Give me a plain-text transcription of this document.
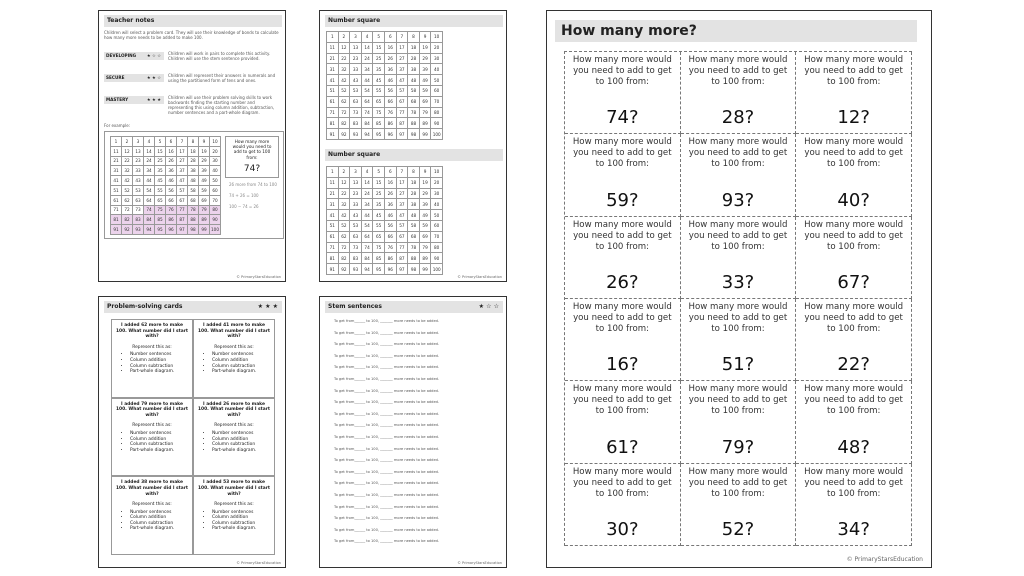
Teacher notes
Children will select a problem card. They will use their knowledge of bonds to calculate how many more needs to be added to make 100.
DEVELOPING	★ ☆ ☆ Children will work in pairs to complete this activity. Children will use the stem sentence provided.
SECURE	★ ★ ☆ Children will represent their answers in numerals and using the partitioned form of tens and ones.
MASTERY	★ ★ ★ Children will use their problem solving skills to work backwards finding the starting number and representing this using column addition, subtraction, number sentences and a part-whole diagram.
For example:
1	2	3	4	5	6	7	8	9	10
11	12	13	14	15	16	17	18	19	20
21	22	23	24	25	26	27	28	29	30
31	32	33	34	35	36	37	38	39	40
41	42	43	44	45	46	47	48	49	50
51	52	53	54	55	56	57	58	59	60
61	62	63	64	65	66	67	68	69	70
71	72	73	74	75	76	77	78	79	80
81	82	83	84	85	86	87	88	89	90
91	92	93	94	95	96	97	98	99	100
How many more would you need to add to get to 100 from:
74?
26 more from 74 to 100
74 + 26 = 100
100 − 74 = 26
© PrimaryStarsEducation
Number square
1	2	3	4	5	6	7	8	9	10
11	12	13	14	15	16	17	18	19	20
21	22	23	24	25	26	27	28	29	30
31	32	33	34	35	36	37	38	39	40
41	42	43	44	45	46	47	48	49	50
51	52	53	54	55	56	57	58	59	60
61	62	63	64	65	66	67	68	69	70
71	72	73	74	75	76	77	78	79	80
81	82	83	84	85	86	87	88	89	90
91	92	93	94	95	96	97	98	99	100
Number square
1	2	3	4	5	6	7	8	9	10
11	12	13	14	15	16	17	18	19	20
21	22	23	24	25	26	27	28	29	30
31	32	33	34	35	36	37	38	39	40
41	42	43	44	45	46	47	48	49	50
51	52	53	54	55	56	57	58	59	60
61	62	63	64	65	66	67	68	69	70
71	72	73	74	75	76	77	78	79	80
81	82	83	84	85	86	87	88	89	90
91	92	93	94	95	96	97	98	99	100
© PrimaryStarsEducation
Problem-solving cards	★ ★ ★
I added 62 more to make 100. What number did I start with?
Represent this as:
• Number sentences
• Column addition
• Column subtraction
• Part-whole diagram.
I added 41 more to make 100. What number did I start with?
Represent this as:
• Number sentences
• Column addition
• Column subtraction
• Part-whole diagram.
I added 79 more to make 100. What number did I start with?
Represent this as:
• Number sentences
• Column addition
• Column subtraction
• Part-whole diagram.
I added 26 more to make 100. What number did I start with?
Represent this as:
• Number sentences
• Column addition
• Column subtraction
• Part-whole diagram.
I added 38 more to make 100. What number did I start with?
Represent this as:
• Number sentences
• Column addition
• Column subtraction
• Part-whole diagram.
I added 53 more to make 100. What number did I start with?
Represent this as:
• Number sentences
• Column addition
• Column subtraction
• Part-whole diagram.
© PrimaryStarsEducation
Stem sentences	★ ☆ ☆
To get from______ to 100, _______ more needs to be added.
To get from______ to 100, _______ more needs to be added.
To get from______ to 100, _______ more needs to be added.
To get from______ to 100, _______ more needs to be added.
To get from______ to 100, _______ more needs to be added.
To get from______ to 100, _______ more needs to be added.
To get from______ to 100, _______ more needs to be added.
To get from______ to 100, _______ more needs to be added.
To get from______ to 100, _______ more needs to be added.
To get from______ to 100, _______ more needs to be added.
To get from______ to 100, _______ more needs to be added.
To get from______ to 100, _______ more needs to be added.
To get from______ to 100, _______ more needs to be added.
To get from______ to 100, _______ more needs to be added.
To get from______ to 100, _______ more needs to be added.
To get from______ to 100, _______ more needs to be added.
To get from______ to 100, _______ more needs to be added.
To get from______ to 100, _______ more needs to be added.
To get from______ to 100, _______ more needs to be added.
To get from______ to 100, _______ more needs to be added.
© PrimaryStarsEducation
How many more?
How many more would you need to add to get to 100 from:
74?
How many more would you need to add to get to 100 from:
28?
How many more would you need to add to get to 100 from:
12?
How many more would you need to add to get to 100 from:
59?
How many more would you need to add to get to 100 from:
93?
How many more would you need to add to get to 100 from:
40?
How many more would you need to add to get to 100 from:
26?
How many more would you need to add to get to 100 from:
33?
How many more would you need to add to get to 100 from:
67?
How many more would you need to add to get to 100 from:
16?
How many more would you need to add to get to 100 from:
51?
How many more would you need to add to get to 100 from:
22?
How many more would you need to add to get to 100 from:
61?
How many more would you need to add to get to 100 from:
79?
How many more would you need to add to get to 100 from:
48?
How many more would you need to add to get to 100 from:
30?
How many more would you need to add to get to 100 from:
52?
How many more would you need to add to get to 100 from:
34?
© PrimaryStarsEducation
